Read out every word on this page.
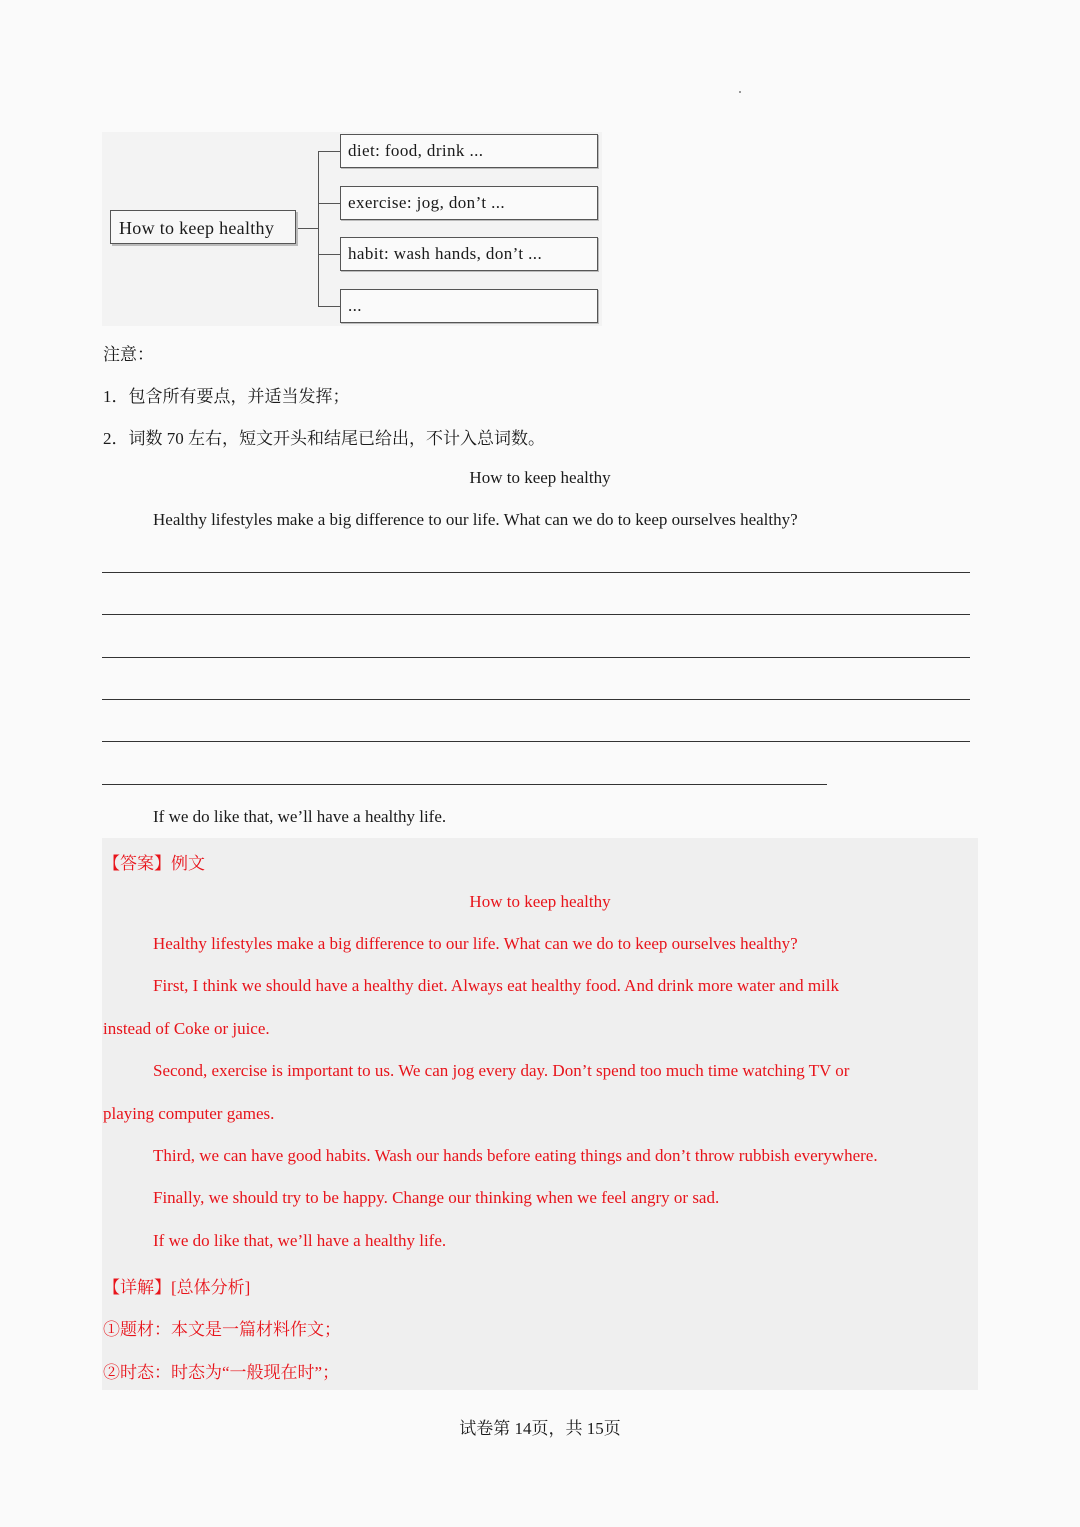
How to keep healthy
diet: food, drink ...
exercise: jog, don’t ...
habit: wash hands, don’t ...
...
注意：
1．包含所有要点，并适当发挥；
2．词数 70 左右，短文开头和结尾已给出，不计入总词数。
How to keep healthy
Healthy lifestyles make a big difference to our life. What can we do to keep ourselves healthy?
If we do like that, we’ll have a healthy life.
【答案】例文
How to keep healthy
Healthy lifestyles make a big difference to our life. What can we do to keep ourselves healthy?
First, I think we should have a healthy diet. Always eat healthy food. And drink more water and milk
instead of Coke or juice.
Second, exercise is important to us. We can jog every day. Don’t spend too much time watching TV or
playing computer games.
Third, we can have good habits. Wash our hands before eating things and don’t throw rubbish everywhere.
Finally, we should try to be happy. Change our thinking when we feel angry or sad.
If we do like that, we’ll have a healthy life.
【详解】[总体分析]
①题材：本文是一篇材料作文；
②时态：时态为“一般现在时”；
试卷第 14页，共 15页
